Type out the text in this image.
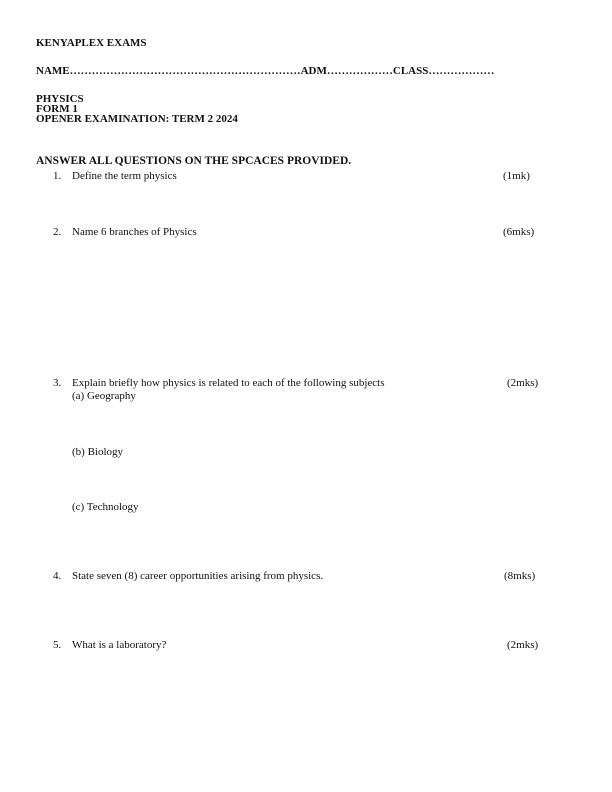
KENYAPLEX EXAMS
NAME………………………………………………………ADM………………CLASS………………
PHYSICS
FORM 1
OPENER EXAMINATION: TERM 2 2024
ANSWER ALL QUESTIONS ON THE SPCACES PROVIDED.
1. Define the term physics	(1mk)
2. Name 6 branches of Physics	(6mks)
3. Explain briefly how physics is related to each of the following subjects	(2mks)
(a) Geography
(b) Biology
(c) Technology
4. State seven (8) career opportunities arising from physics.	(8mks)
5. What is a laboratory?	(2mks)
